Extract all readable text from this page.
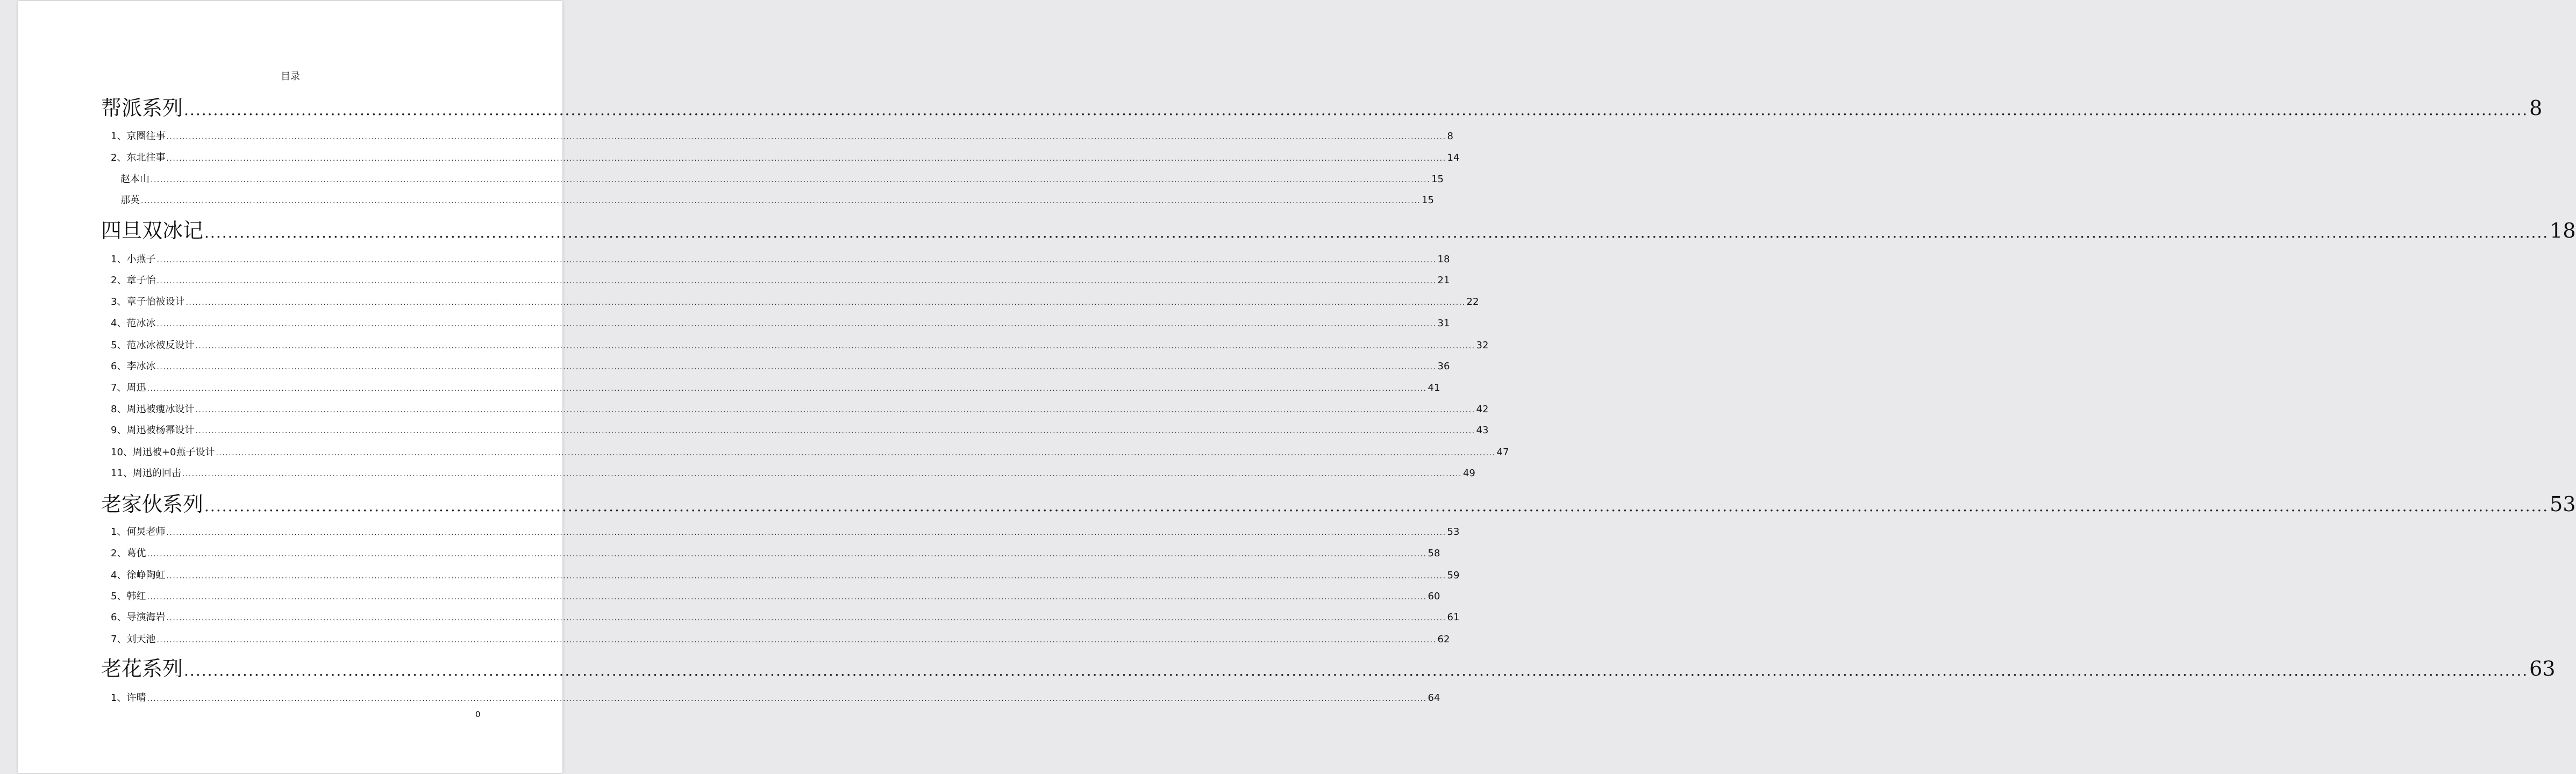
目录
帮派系列 ................................................................................................................................................................................................................................................................................................................................................................................................................ 8
1、京圈往事 ................................................................................................................................................................................................................................................................................................................................................................................................................ 8
2、东北往事 ................................................................................................................................................................................................................................................................................................................................................................................................................ 14
赵本山 ................................................................................................................................................................................................................................................................................................................................................................................................................ 15
那英 ................................................................................................................................................................................................................................................................................................................................................................................................................ 15
四旦双冰记 ................................................................................................................................................................................................................................................................................................................................................................................................................ 18
1、小燕子 ................................................................................................................................................................................................................................................................................................................................................................................................................ 18
2、章子怡 ................................................................................................................................................................................................................................................................................................................................................................................................................ 21
3、章子怡被设计 ................................................................................................................................................................................................................................................................................................................................................................................................................ 22
4、范冰冰 ................................................................................................................................................................................................................................................................................................................................................................................................................ 31
5、范冰冰被反设计 ................................................................................................................................................................................................................................................................................................................................................................................................................ 32
6、李冰冰 ................................................................................................................................................................................................................................................................................................................................................................................................................ 36
7、周迅 ................................................................................................................................................................................................................................................................................................................................................................................................................ 41
8、周迅被瘦冰设计 ................................................................................................................................................................................................................................................................................................................................................................................................................ 42
9、周迅被杨幂设计 ................................................................................................................................................................................................................................................................................................................................................................................................................ 43
10、周迅被+0燕子设计 ................................................................................................................................................................................................................................................................................................................................................................................................................ 47
11、周迅的回击 ................................................................................................................................................................................................................................................................................................................................................................................................................ 49
老家伙系列 ................................................................................................................................................................................................................................................................................................................................................................................................................ 53
1、何炅老师 ................................................................................................................................................................................................................................................................................................................................................................................................................ 53
2、葛优 ................................................................................................................................................................................................................................................................................................................................................................................................................ 58
4、徐峥陶虹 ................................................................................................................................................................................................................................................................................................................................................................................................................ 59
5、韩红 ................................................................................................................................................................................................................................................................................................................................................................................................................ 60
6、导演海岩 ................................................................................................................................................................................................................................................................................................................................................................................................................ 61
7、刘天池 ................................................................................................................................................................................................................................................................................................................................................................................................................ 62
老花系列 ................................................................................................................................................................................................................................................................................................................................................................................................................ 63
1、许晴 ................................................................................................................................................................................................................................................................................................................................................................................................................ 64
0
